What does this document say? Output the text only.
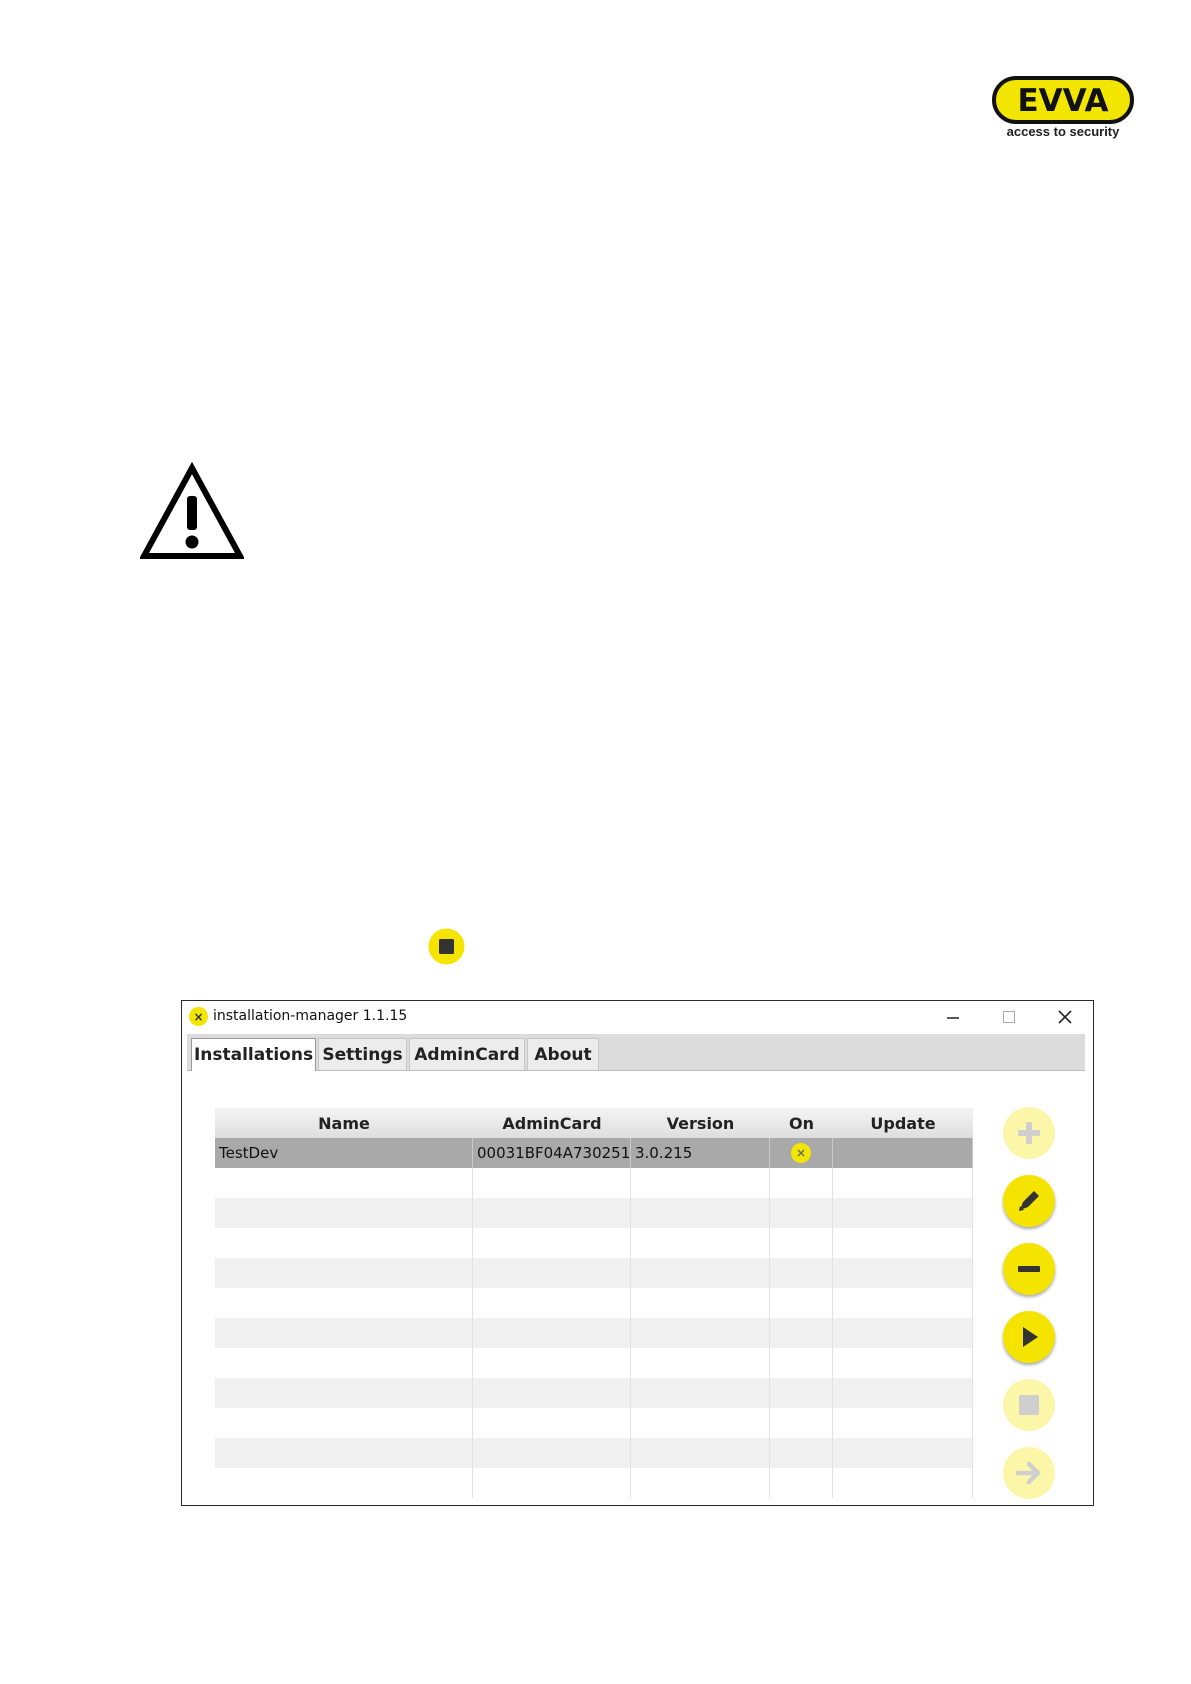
EVVA
access to security
× installation-manager 1.1.15
Installations Settings AdminCard About
Name	AdminCard	Version	On	Update
TestDev	00031BF04A730251 3.0.215
